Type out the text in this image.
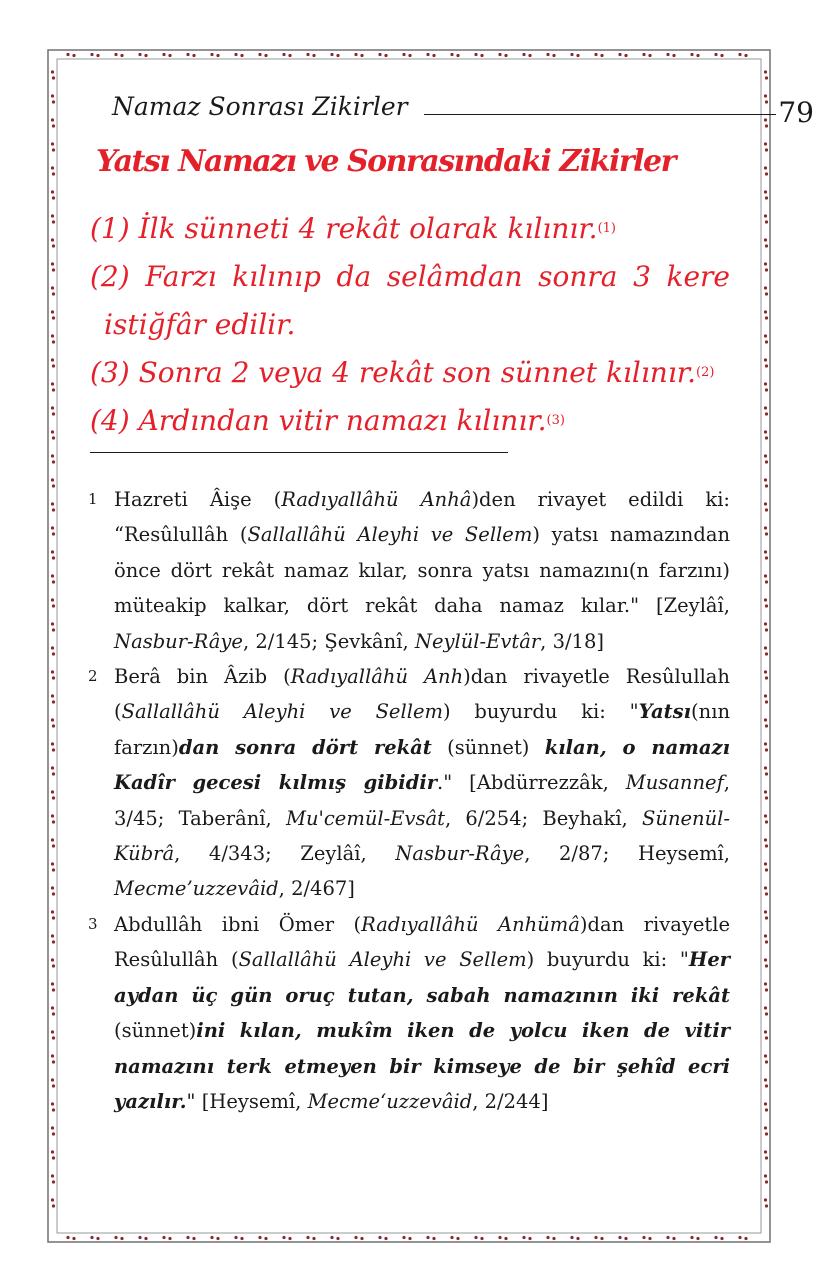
Namaz Sonrası Zikirler	79
Yatsı Namazı ve Sonrasındaki Zikirler
(1) İlk sünneti 4 rekât olarak kılınır.$^{(1)}$
(2) Farzı kılınıp da selâmdan sonra 3 kere
istiğfâr edilir.
(3) Sonra 2 veya 4 rekât son sünnet kılınır.$^{(2)}$
(4) Ardından vitir namazı kılınır.$^{(3)}$
1 Hazreti Âişe (Radıyallâhü Anhâ)den rivayet edildi ki: “Resûlullâh (Sallallâhü Aleyhi ve Sellem) yatsı namazından önce dört rekât namaz kılar, sonra yatsı namazını(n farzını) müteakip kalkar, dört rekât daha namaz kılar." [Zeylâî, Nasbur-Râye, 2/145; Şevkânî, Neylül-Evtâr, 3/18]
2 Berâ bin Âzib (Radıyallâhü Anh)dan rivayetle Resûlullah (Sallallâhü Aleyhi ve Sellem) buyurdu ki: "Yatsı(nın farzın)dan sonra dört rekât (sünnet) kılan, o namazı Kadîr gecesi kılmış gibidir." [Abdürrezzâk, Musannef, 3/45; Taberânî, Mu'cemül-Evsât, 6/254; Beyhakî, Sünenül-Kübrâ, 4/343; Zeylâî, Nasbur-Râye, 2/87; Heysemî, Mecme’uzzevâid, 2/467]
3 Abdullâh ibni Ömer (Radıyallâhü Anhümâ)dan rivayetle Resûlullâh (Sallallâhü Aleyhi ve Sellem) buyurdu ki: "Her aydan üç gün oruç tutan, sabah namazının iki rekât (sünnet)ini kılan, mukîm iken de yolcu iken de vitir namazını terk etmeyen bir kimseye de bir şehîd ecri yazılır." [Heysemî, Mecme‘uzzevâid, 2/244]
